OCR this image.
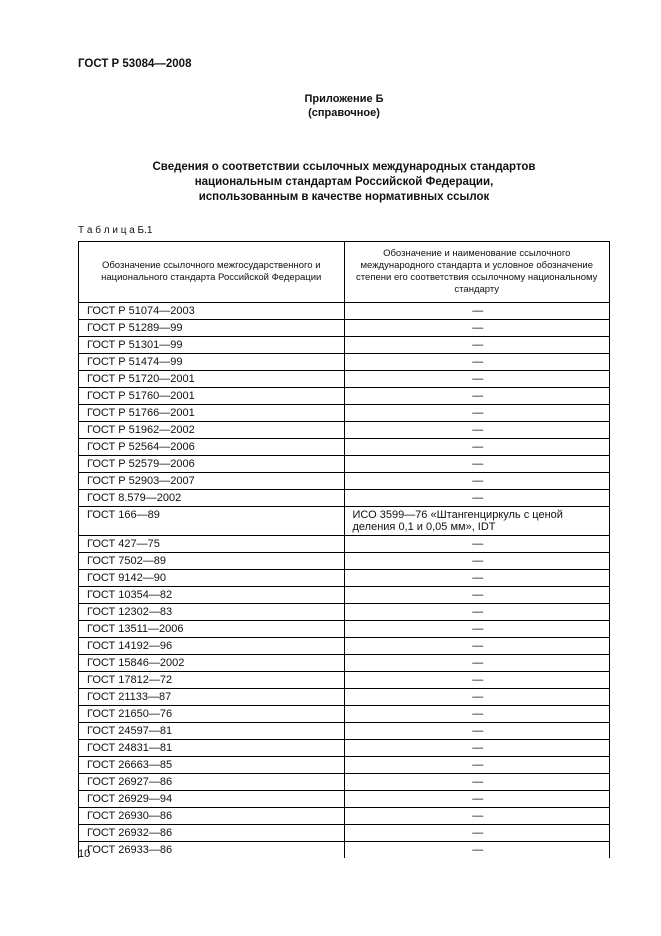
ГОСТ Р 53084—2008
Приложение Б
(справочное)
Сведения о соответствии ссылочных международных стандартов
национальным стандартам Российской Федерации,
использованным в качестве нормативных ссылок
Т а б л и ц а Б.1
Обозначение ссылочного межгосударственного и национального стандарта Российской Федерации	Обозначение и наименование ссылочного международного стандарта и условное обозначение степени его соответствия ссылочному национальному стандарту
ГОСТ Р 51074—2003	—
ГОСТ Р 51289—99	—
ГОСТ Р 51301—99	—
ГОСТ Р 51474—99	—
ГОСТ Р 51720—2001	—
ГОСТ Р 51760—2001	—
ГОСТ Р 51766—2001	—
ГОСТ Р 51962—2002	—
ГОСТ Р 52564—2006	—
ГОСТ Р 52579—2006	—
ГОСТ Р 52903—2007	—
ГОСТ 8.579—2002	—
ГОСТ 166—89	ИСО 3599—76 «Штангенциркуль с ценой деления 0,1 и 0,05 мм», IDT
ГОСТ 427—75	—
ГОСТ 7502—89	—
ГОСТ 9142—90	—
ГОСТ 10354—82	—
ГОСТ 12302—83	—
ГОСТ 13511—2006	—
ГОСТ 14192—96	—
ГОСТ 15846—2002	—
ГОСТ 17812—72	—
ГОСТ 21133—87	—
ГОСТ 21650—76	—
ГОСТ 24597—81	—
ГОСТ 24831—81	—
ГОСТ 26663—85	—
ГОСТ 26927—86	—
ГОСТ 26929—94	—
ГОСТ 26930—86	—
ГОСТ 26932—86	—
ГОСТ 26933—86	—
10
